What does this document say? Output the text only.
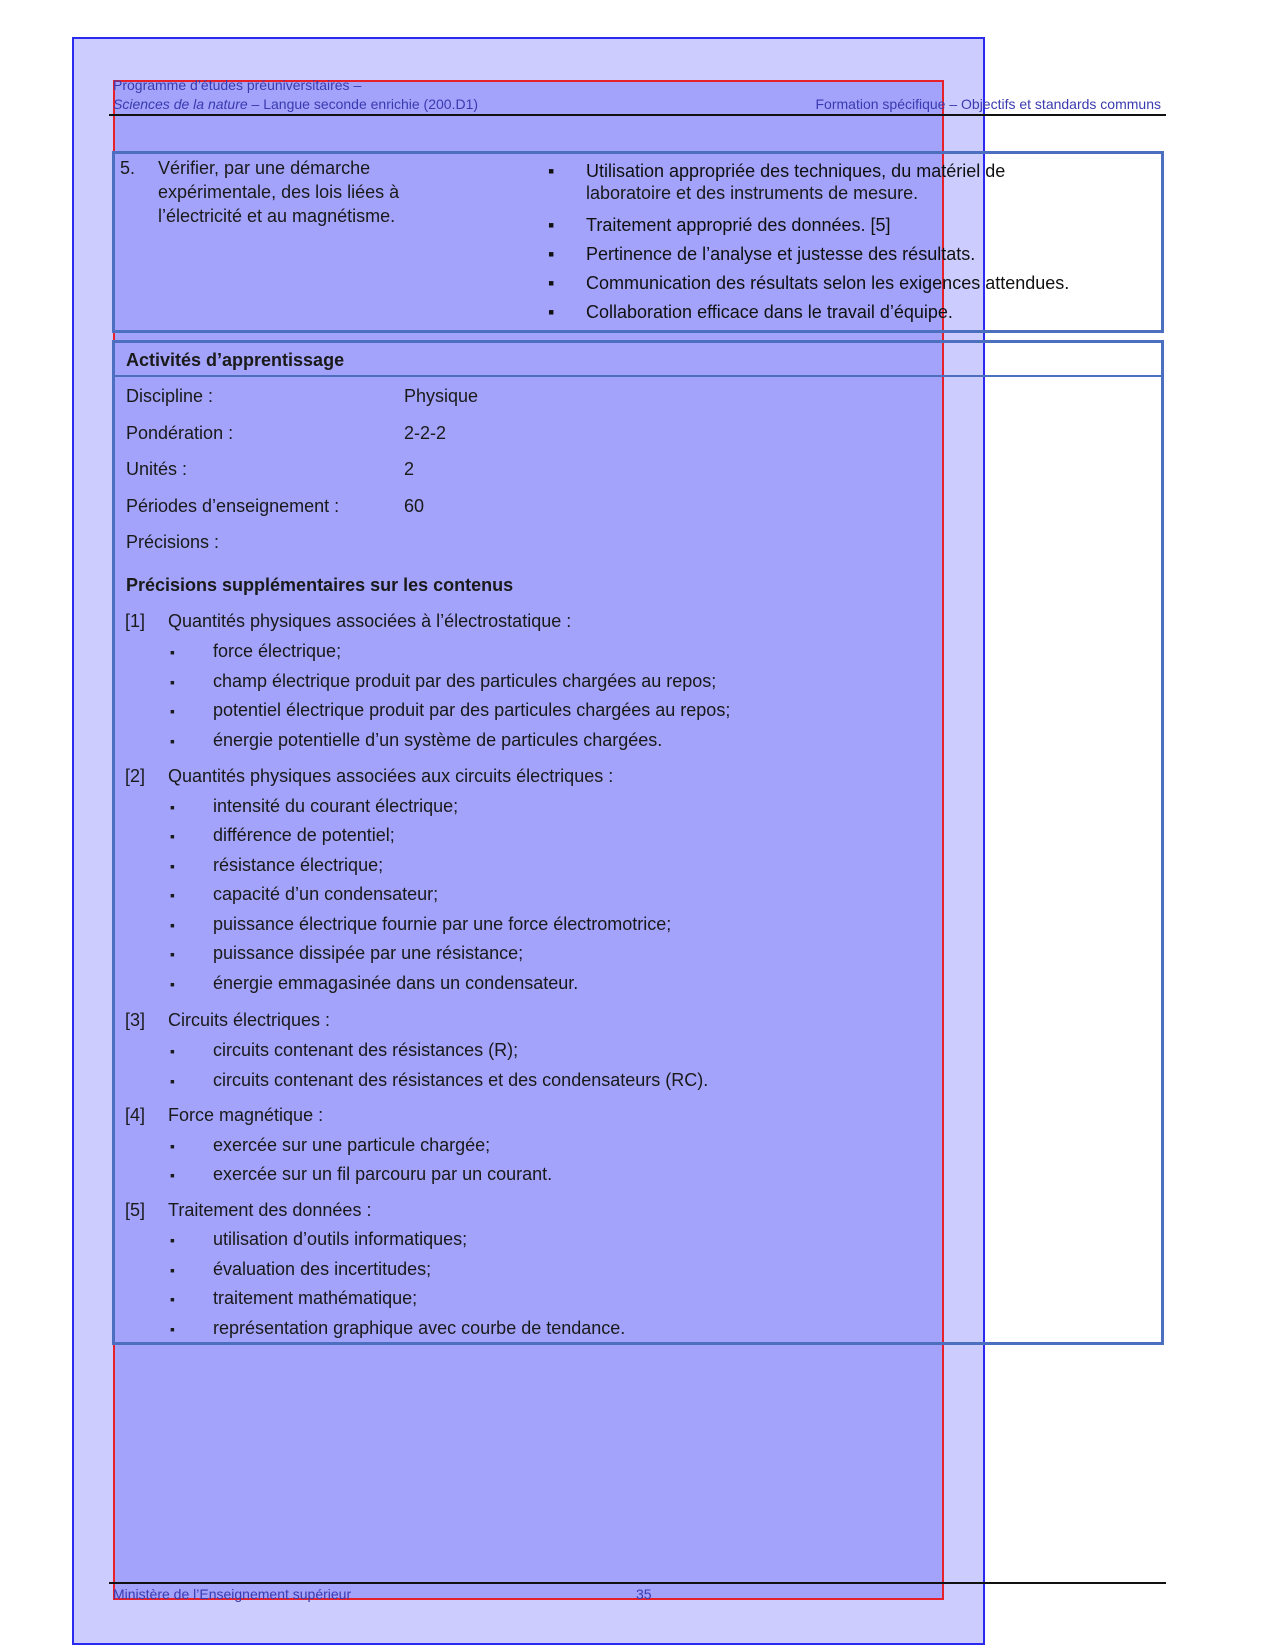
Programme d’études préuniversitaires –
Sciences de la nature – Langue seconde enrichie (200.D1)	Formation spécifique – Objectifs et standards communs
5. Vérifier, par une démarche
expérimentale, des lois liées à
l’électricité et au magnétisme.
▪ Utilisation appropriée des techniques, du matériel de
laboratoire et des instruments de mesure.
▪ Traitement approprié des données. [5]
▪ Pertinence de l’analyse et justesse des résultats.
▪ Communication des résultats selon les exigences attendues.
▪ Collaboration efficace dans le travail d’équipe.
Activités d’apprentissage
Discipline :	Physique
Pondération :	2-2-2
Unités :	2
Périodes d’enseignement :	60
Précisions :
Précisions supplémentaires sur les contenus
[1] Quantités physiques associées à l’électrostatique :
▪ force électrique;
▪ champ électrique produit par des particules chargées au repos;
▪ potentiel électrique produit par des particules chargées au repos;
▪ énergie potentielle d’un système de particules chargées.
[2] Quantités physiques associées aux circuits électriques :
▪ intensité du courant électrique;
▪ différence de potentiel;
▪ résistance électrique;
▪ capacité d’un condensateur;
▪ puissance électrique fournie par une force électromotrice;
▪ puissance dissipée par une résistance;
▪ énergie emmagasinée dans un condensateur.
[3] Circuits électriques :
▪ circuits contenant des résistances (R);
▪ circuits contenant des résistances et des condensateurs (RC).
[4] Force magnétique :
▪ exercée sur une particule chargée;
▪ exercée sur un fil parcouru par un courant.
[5] Traitement des données :
▪ utilisation d’outils informatiques;
▪ évaluation des incertitudes;
▪ traitement mathématique;
▪ représentation graphique avec courbe de tendance.
Ministère de l’Enseignement supérieur	35
